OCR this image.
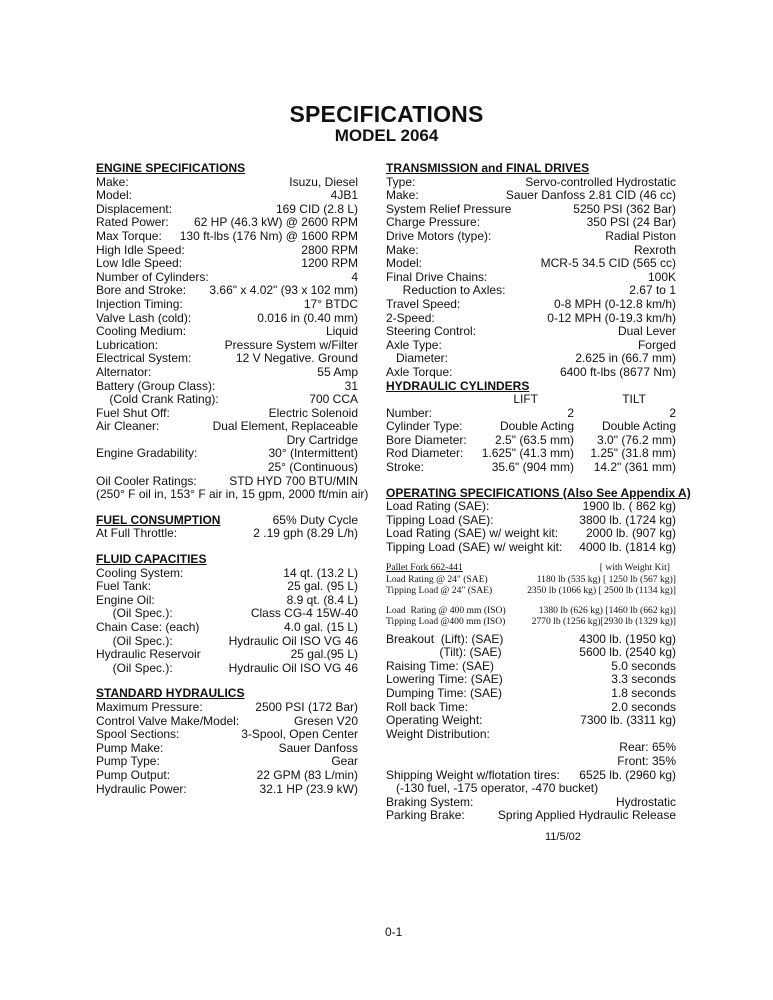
SPECIFICATIONS
MODEL 2064
ENGINE SPECIFICATIONS
Make:	Isuzu, Diesel
Model:	4JB1
Displacement:	169 CID (2.8 L)
Rated Power: 62 HP (46.3 kW) @ 2600 RPM
Max Torque: 130 ft-lbs (176 Nm) @ 1600 RPM
High Idle Speed:	2800 RPM
Low Idle Speed:	1200 RPM
Number of Cylinders:	4
Bore and Stroke: 3.66" x 4.02" (93 x 102 mm)
Injection Timing:	17° BTDC
Valve Lash (cold):	0.016 in (0.40 mm)
Cooling Medium:	Liquid
Lubrication:	Pressure System w/Filter
Electrical System:	12 V Negative. Ground
Alternator:	55 Amp
Battery (Group Class):	31
(Cold Crank Rating):	700 CCA
Fuel Shut Off:	Electric Solenoid
Air Cleaner:	Dual Element, Replaceable
Dry Cartridge
Engine Gradability:	30° (Intermittent)
25° (Continuous)
Oil Cooler Ratings:	STD HYD 700 BTU/MIN
(250° F oil in, 153° F air in, 15 gpm, 2000 ft/min air)
FUEL CONSUMPTION	65% Duty Cycle
At Full Throttle:	2 .19 gph (8.29 L/h)
FLUID CAPACITIES
Cooling System:	14 qt. (13.2 L)
Fuel Tank:	25 gal. (95 L)
Engine Oil:	8.9 qt. (8.4 L)
(Oil Spec.):	Class CG-4 15W-40
Chain Case: (each)	4.0 gal. (15 L)
(Oil Spec.):	Hydraulic Oil ISO VG 46
Hydraulic Reservoir	25 gal.(95 L)
(Oil Spec.):	Hydraulic Oil ISO VG 46
STANDARD HYDRAULICS
Maximum Pressure:	2500 PSI (172 Bar)
Control Valve Make/Model:	Gresen V20
Spool Sections:	3-Spool, Open Center
Pump Make:	Sauer Danfoss
Pump Type:	Gear
Pump Output:	22 GPM (83 L/min)
Hydraulic Power:	32.1 HP (23.9 kW)
TRANSMISSION and FINAL DRIVES
Type:	Servo-controlled Hydrostatic
Make:	Sauer Danfoss 2.81 CID (46 cc)
System Relief Pressure	5250 PSI (362 Bar)
Charge Pressure:	350 PSI (24 Bar)
Drive Motors (type):	Radial Piston
Make:	Rexroth
Model:	MCR-5 34.5 CID (565 cc)
Final Drive Chains:	100K
Reduction to Axles:	2.67 to 1
Travel Speed:	0-8 MPH (0-12.8 km/h)
2-Speed:	0-12 MPH (0-19.3 km/h)
Steering Control:	Dual Lever
Axle Type:	Forged
Diameter:	2.625 in (66.7 mm)
Axle Torque:	6400 ft-lbs (8677 Nm)
HYDRAULIC CYLINDERS
LIFT	TILT
Number:	2	2
Cylinder Type:	Double Acting Double Acting
Bore Diameter: 2.5" (63.5 mm) 3.0" (76.2 mm)
Rod Diameter: 1.625" (41.3 mm) 1.25" (31.8 mm)
Stroke:	35.6" (904 mm) 14.2" (361 mm)
OPERATING SPECIFICATIONS (Also See Appendix A)
Load Rating (SAE):	1900 lb. ( 862 kg)
Tipping Load (SAE):	3800 lb. (1724 kg)
Load Rating (SAE) w/ weight kit: 2000 lb. (907 kg)
Tipping Load (SAE) w/ weight kit: 4000 lb. (1814 kg)
Pallet Fork 662-441	[ with Weight Kit]
Load Rating @ 24" (SAE)	1180 lb (535 kg) [ 1250 lb (567 kg)]
Tipping Load @ 24" (SAE)	2350 lb (1066 kg) [ 2500 lb (1134 kg)]
Load  Rating @ 400 mm (ISO)	1380 lb (626 kg) [1460 lb (662 kg)]
Tipping Load @400 mm (ISO)	2770 lb (1256 kg)[2930 lb (1329 kg)]
Breakout  (Lift): (SAE)	4300 lb. (1950 kg)
(Tilt): (SAE)	5600 lb. (2540 kg)
Raising Time: (SAE)	5.0 seconds
Lowering Time: (SAE)	3.3 seconds
Dumping Time: (SAE)	1.8 seconds
Roll back Time:	2.0 seconds
Operating Weight:	7300 lb. (3311 kg)
Weight Distribution:
Rear: 65%
Front: 35%
Shipping Weight w/flotation tires: 6525 lb. (2960 kg)
(-130 fuel, -175 operator, -470 bucket)
Braking System:	Hydrostatic
Parking Brake:	Spring Applied Hydraulic Release
11/5/02
0-1
